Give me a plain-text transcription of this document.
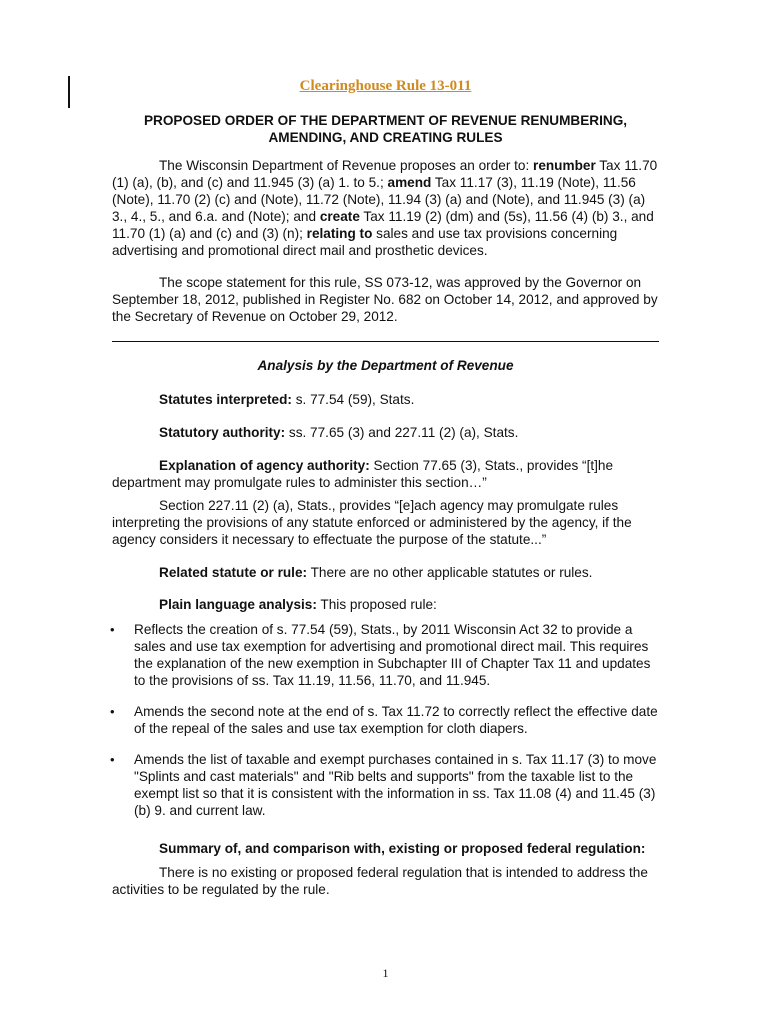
Clearinghouse Rule 13-011
PROPOSED ORDER OF THE DEPARTMENT OF REVENUE RENUMBERING,
AMENDING, AND CREATING RULES

The Wisconsin Department of Revenue proposes an order to: renumber Tax 11.70 (1) (a), (b), and (c) and 11.945 (3) (a) 1. to 5.; amend Tax 11.17 (3), 11.19 (Note), 11.56 (Note), 11.70 (2) (c) and (Note), 11.72 (Note), 11.94 (3) (a) and (Note), and 11.945 (3) (a) 3., 4., 5., and 6.a. and (Note); and create Tax 11.19 (2) (dm) and (5s), 11.56 (4) (b) 3., and 11.70 (1) (a) and (c) and (3) (n); relating to sales and use tax provisions concerning advertising and promotional direct mail and prosthetic devices.

The scope statement for this rule, SS 073-12, was approved by the Governor on September 18, 2012, published in Register No. 682 on October 14, 2012, and approved by the Secretary of Revenue on October 29, 2012.

Analysis by the Department of Revenue

Statutes interpreted: s. 77.54 (59), Stats.

Statutory authority: ss. 77.65 (3) and 227.11 (2) (a), Stats.

Explanation of agency authority: Section 77.65 (3), Stats., provides “[t]he department may promulgate rules to administer this section…”

Section 227.11 (2) (a), Stats., provides “[e]ach agency may promulgate rules interpreting the provisions of any statute enforced or administered by the agency, if the agency considers it necessary to effectuate the purpose of the statute...”

Related statute or rule: There are no other applicable statutes or rules.

Plain language analysis: This proposed rule:

•	Reflects the creation of s. 77.54 (59), Stats., by 2011 Wisconsin Act 32 to provide a sales and use tax exemption for advertising and promotional direct mail. This requires the explanation of the new exemption in Subchapter III of Chapter Tax 11 and updates to the provisions of ss. Tax 11.19, 11.56, 11.70, and 11.945.
•	Amends the second note at the end of s. Tax 11.72 to correctly reflect the effective date of the repeal of the sales and use tax exemption for cloth diapers.
•	Amends the list of taxable and exempt purchases contained in s. Tax 11.17 (3) to move "Splints and cast materials" and "Rib belts and supports" from the taxable list to the exempt list so that it is consistent with the information in ss. Tax 11.08 (4) and 11.45 (3) (b) 9. and current law.

Summary of, and comparison with, existing or proposed federal regulation:

There is no existing or proposed federal regulation that is intended to address the activities to be regulated by the rule.

1
